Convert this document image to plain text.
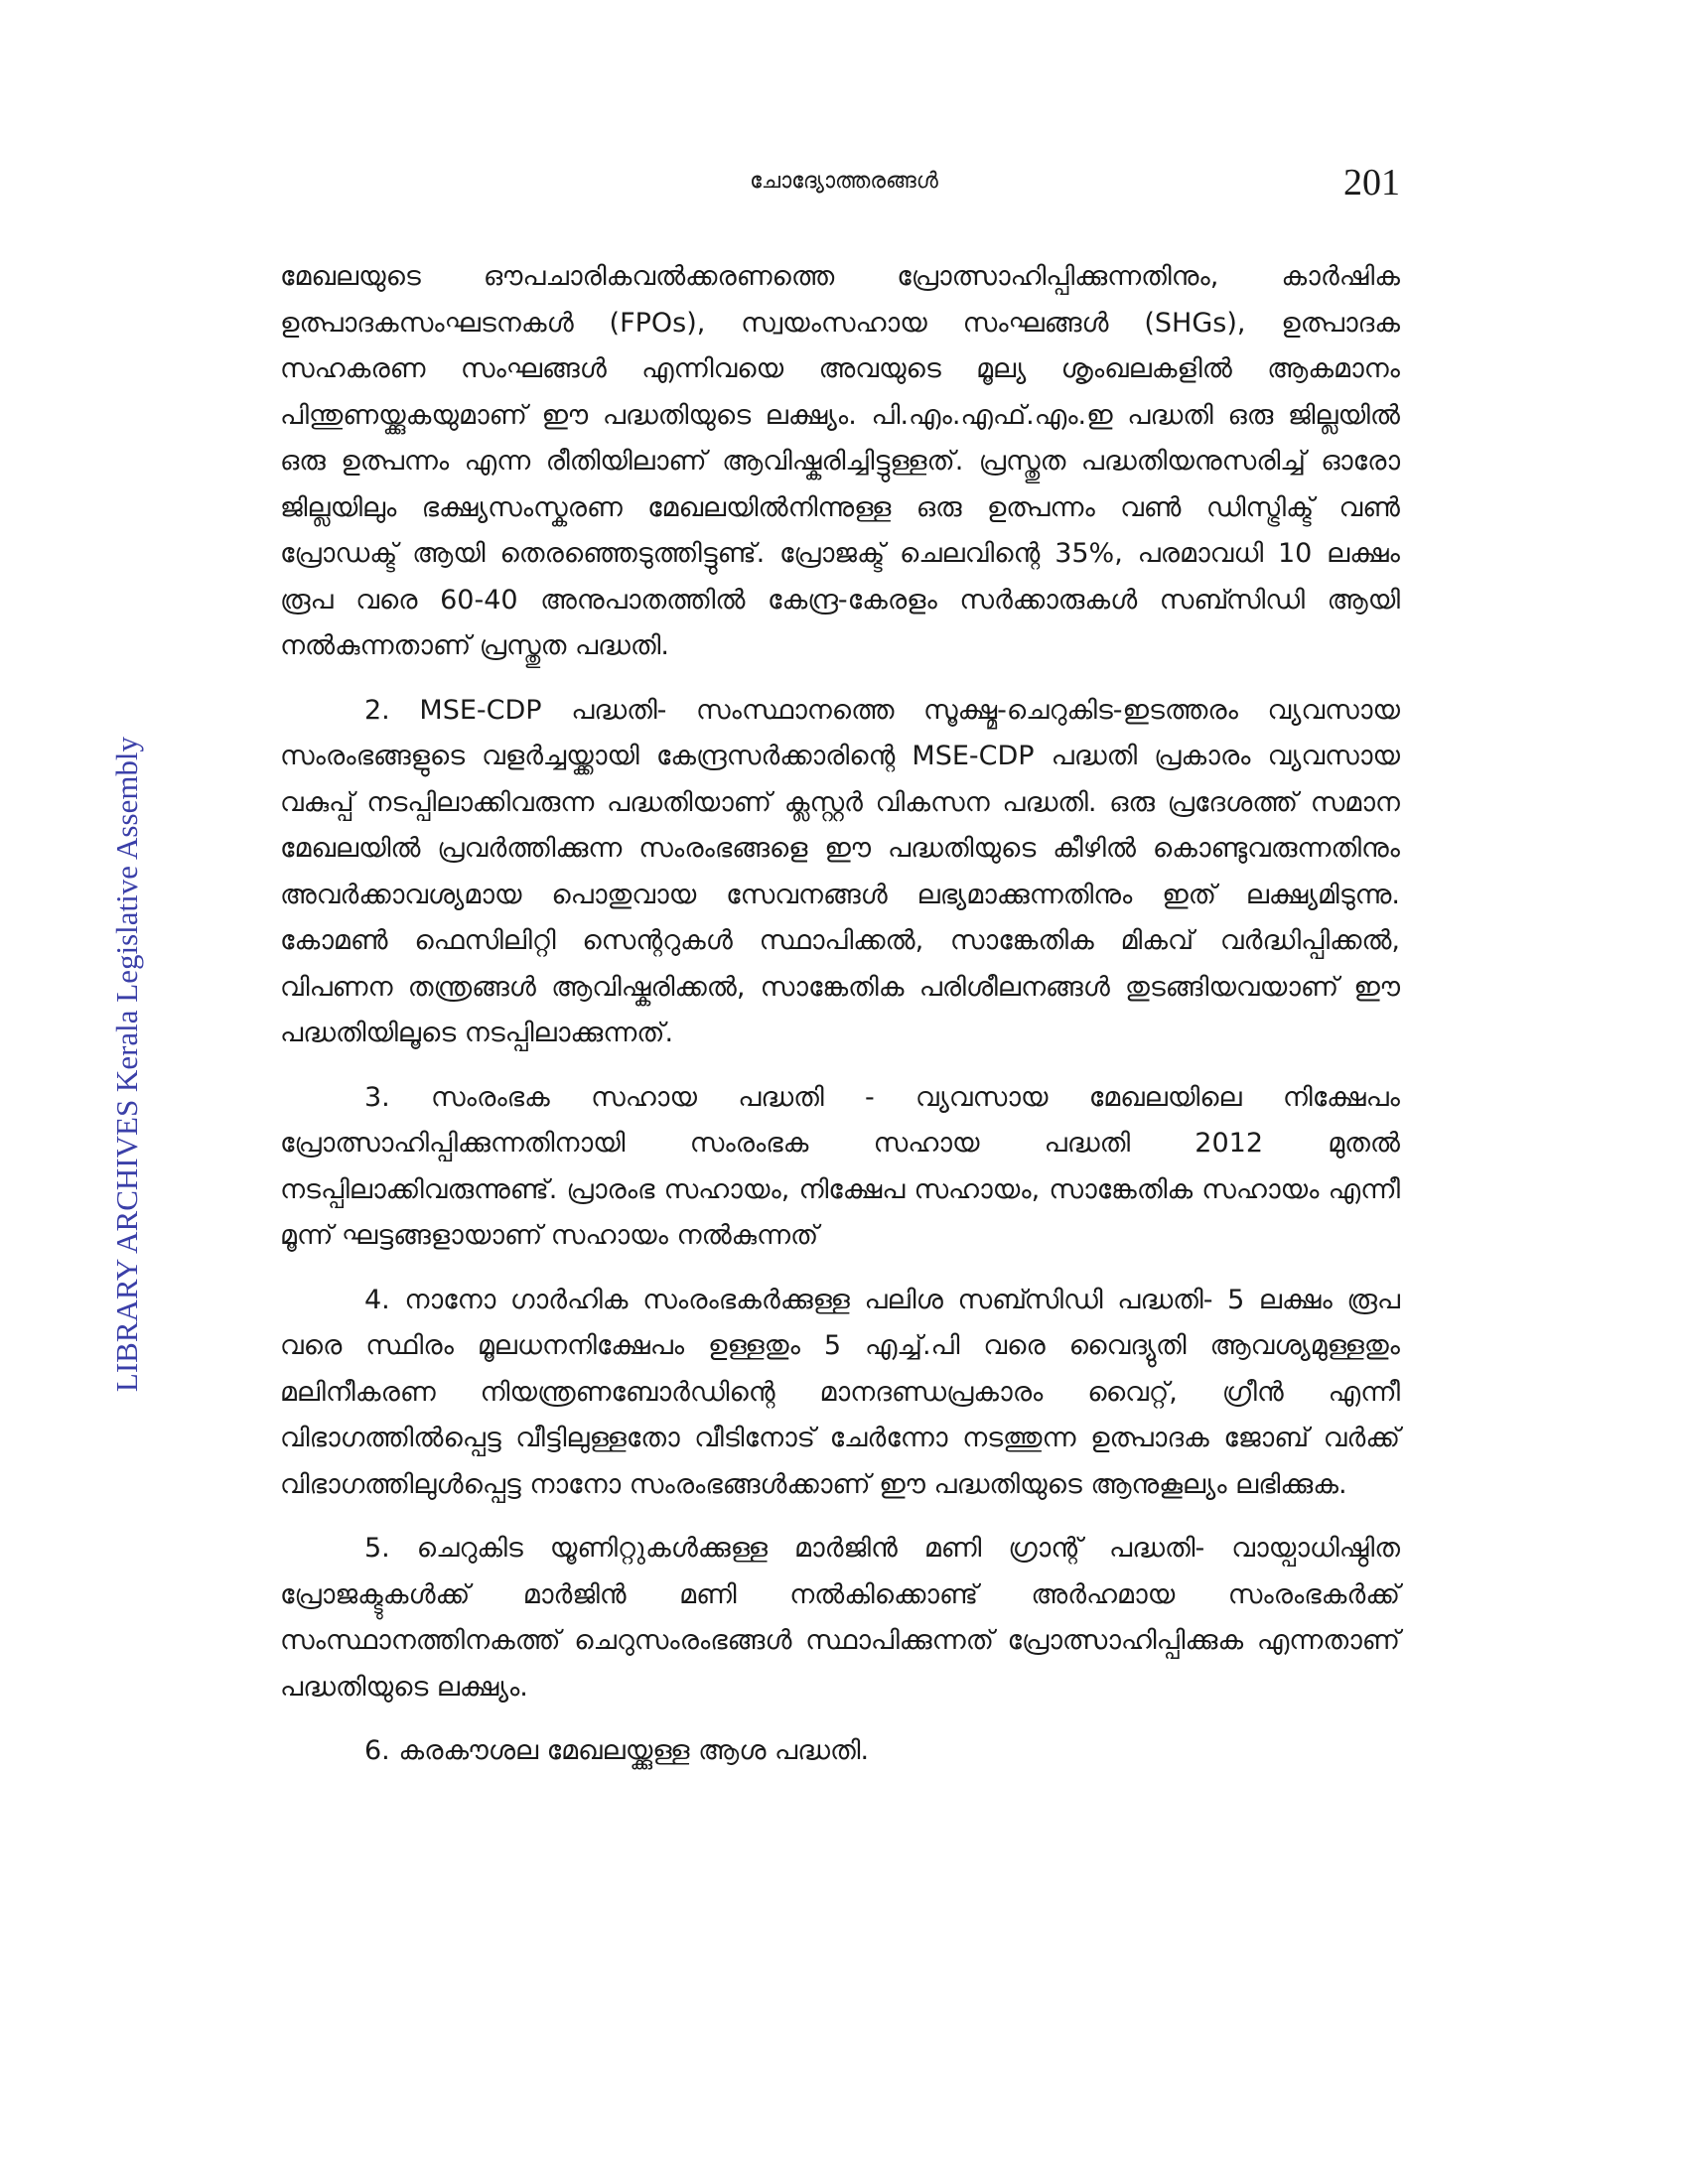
ചോദ്യോത്തരങ്ങൾ	201
LIBRARY ARCHIVES Kerala Legislative Assembly

മേഖലയുടെ ഔപചാരികവൽക്കരണത്തെ പ്രോത്സാഹിപ്പിക്കുന്നതിനും, കാർഷിക ഉത്പാദകസംഘടനകൾ (FPOs), സ്വയംസഹായ സംഘങ്ങൾ (SHGs), ഉത്പാദക സഹകരണ സംഘങ്ങൾ എന്നിവയെ അവയുടെ മൂല്യ ശൃംഖലകളിൽ ആകമാനം പിന്തുണയ്ക്കുകയുമാണ് ഈ പദ്ധതിയുടെ ലക്ഷ്യം. പി.എം.എഫ്.എം.ഇ പദ്ധതി ഒരു ജില്ലയിൽ ഒരു ഉത്പന്നം എന്ന രീതിയിലാണ് ആവിഷ്കരിച്ചിട്ടുള്ളത്. പ്രസ്തുത പദ്ധതിയനുസരിച്ച് ഓരോ ജില്ലയിലും ഭക്ഷ്യസംസ്കരണ മേഖലയിൽനിന്നുള്ള ഒരു ഉത്പന്നം വൺ ഡിസ്ട്രിക്ട് വൺ പ്രോഡക്ട് ആയി തെരഞ്ഞെടുത്തിട്ടുണ്ട്. പ്രോജക്ട് ചെലവിന്റെ 35%, പരമാവധി 10 ലക്ഷം രൂപ വരെ 60-40 അനുപാതത്തിൽ കേന്ദ്ര-കേരളം സർക്കാരുകൾ സബ്സിഡി ആയി നൽകുന്നതാണ് പ്രസ്തുത പദ്ധതി.

2. MSE-CDP പദ്ധതി- സംസ്ഥാനത്തെ സൂക്ഷ്മ-ചെറുകിട-ഇടത്തരം വ്യവസായ സംരംഭങ്ങളുടെ വളർച്ചയ്ക്കായി കേന്ദ്രസർക്കാരിന്റെ MSE-CDP പദ്ധതി പ്രകാരം വ്യവസായ വകുപ്പ് നടപ്പിലാക്കിവരുന്ന പദ്ധതിയാണ് ക്ലസ്റ്റർ വികസന പദ്ധതി. ഒരു പ്രദേശത്ത് സമാന മേഖലയിൽ പ്രവർത്തിക്കുന്ന സംരംഭങ്ങളെ ഈ പദ്ധതിയുടെ കീഴിൽ കൊണ്ടുവരുന്നതിനും അവർക്കാവശ്യമായ പൊതുവായ സേവനങ്ങൾ ലഭ്യമാക്കുന്നതിനും ഇത് ലക്ഷ്യമിടുന്നു. കോമൺ ഫെസിലിറ്റി സെന്ററുകൾ സ്ഥാപിക്കൽ, സാങ്കേതിക മികവ് വർദ്ധിപ്പിക്കൽ, വിപണന തന്ത്രങ്ങൾ ആവിഷ്കരിക്കൽ, സാങ്കേതിക പരിശീലനങ്ങൾ തുടങ്ങിയവയാണ് ഈ പദ്ധതിയിലൂടെ നടപ്പിലാക്കുന്നത്.

3. സംരംഭക സഹായ പദ്ധതി - വ്യവസായ മേഖലയിലെ നിക്ഷേപം പ്രോത്സാഹിപ്പിക്കുന്നതിനായി സംരംഭക സഹായ പദ്ധതി 2012 മുതൽ നടപ്പിലാക്കിവരുന്നുണ്ട്. പ്രാരംഭ സഹായം, നിക്ഷേപ സഹായം, സാങ്കേതിക സഹായം എന്നീ മൂന്ന് ഘട്ടങ്ങളായാണ് സഹായം നൽകുന്നത്

4. നാനോ ഗാർഹിക സംരംഭകർക്കുള്ള പലിശ സബ്സിഡി പദ്ധതി- 5 ലക്ഷം രൂപ വരെ സ്ഥിരം മൂലധനനിക്ഷേപം ഉള്ളതും 5 എച്ച്.പി വരെ വൈദ്യുതി ആവശ്യമുള്ളതും മലിനീകരണ നിയന്ത്രണബോർഡിന്റെ മാനദണ്ഡപ്രകാരം വൈറ്റ്, ഗ്രീൻ എന്നീ വിഭാഗത്തിൽപ്പെട്ട വീട്ടിലുള്ളതോ വീടിനോട് ചേർന്നോ നടത്തുന്ന ഉത്പാദക ജോബ് വർക്ക് വിഭാഗത്തിലുൾപ്പെട്ട നാനോ സംരംഭങ്ങൾക്കാണ് ഈ പദ്ധതിയുടെ ആനുകൂല്യം ലഭിക്കുക.

5. ചെറുകിട യൂണിറ്റുകൾക്കുള്ള മാർജിൻ മണി ഗ്രാന്റ് പദ്ധതി- വായ്പാധിഷ്ഠിത പ്രോജക്ടുകൾക്ക് മാർജിൻ മണി നൽകിക്കൊണ്ട് അർഹമായ സംരംഭകർക്ക് സംസ്ഥാനത്തിനകത്ത് ചെറുസംരംഭങ്ങൾ സ്ഥാപിക്കുന്നത് പ്രോത്സാഹിപ്പിക്കുക എന്നതാണ് പദ്ധതിയുടെ ലക്ഷ്യം.

6. കരകൗശല മേഖലയ്ക്കുള്ള ആശ പദ്ധതി.
